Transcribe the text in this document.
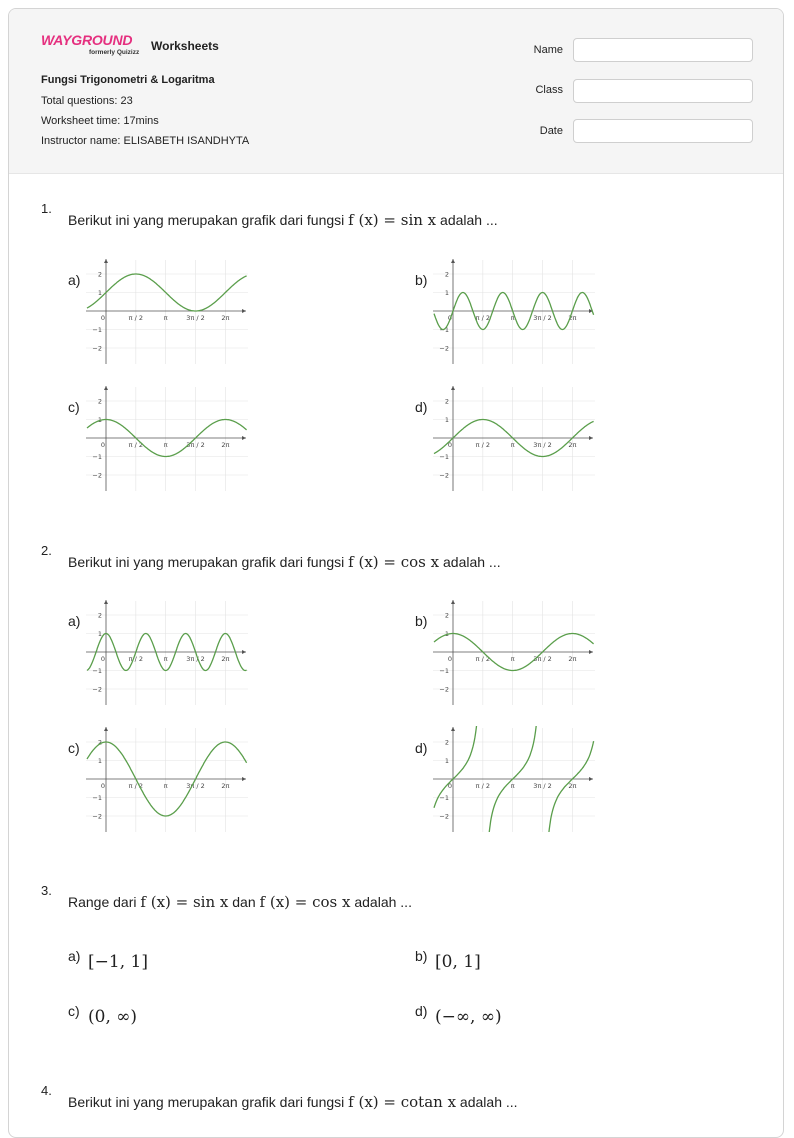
WAYGROUND
formerly Quizizz Worksheets
Fungsi Trigonometri & Logaritma
Total questions: 23
Worksheet time: 17mins
Instructor name: ELISABETH ISANDHYTA
Name
Class
Date
1.
Berikut ini yang merupakan grafik dari fungsi f (x) = sin x adalah ...
a)
0	π / 2	π	3π / 2	2π
2
1
−1
−2
b)
0	π / 2	π	3π / 2	2π
2
1
−1
−2
c)
0	π / 2	π	3π / 2	2π
2
1
−1
−2
d)
0	π / 2	π	3π / 2	2π
2
1
−1
−2
2.
Berikut ini yang merupakan grafik dari fungsi f (x) = cos x adalah ...
a)
0	π / 2	π	3π / 2	2π
2
1
−1
−2
b)
0	π / 2	π	3π / 2	2π
2
1
−1
−2
c)
0	π / 2	π	3π / 2	2π
2
1
−1
−2
d)
0	π / 2	π	3π / 2	2π
2
1
−1
−2
3.
Range dari f (x) = sin x dan f (x) = cos x adalah ...
a) [−1, 1]	b) [0, 1]
c) (0, ∞)	d) (−∞, ∞)
4.
Berikut ini yang merupakan grafik dari fungsi f (x) = cotan x adalah ...
